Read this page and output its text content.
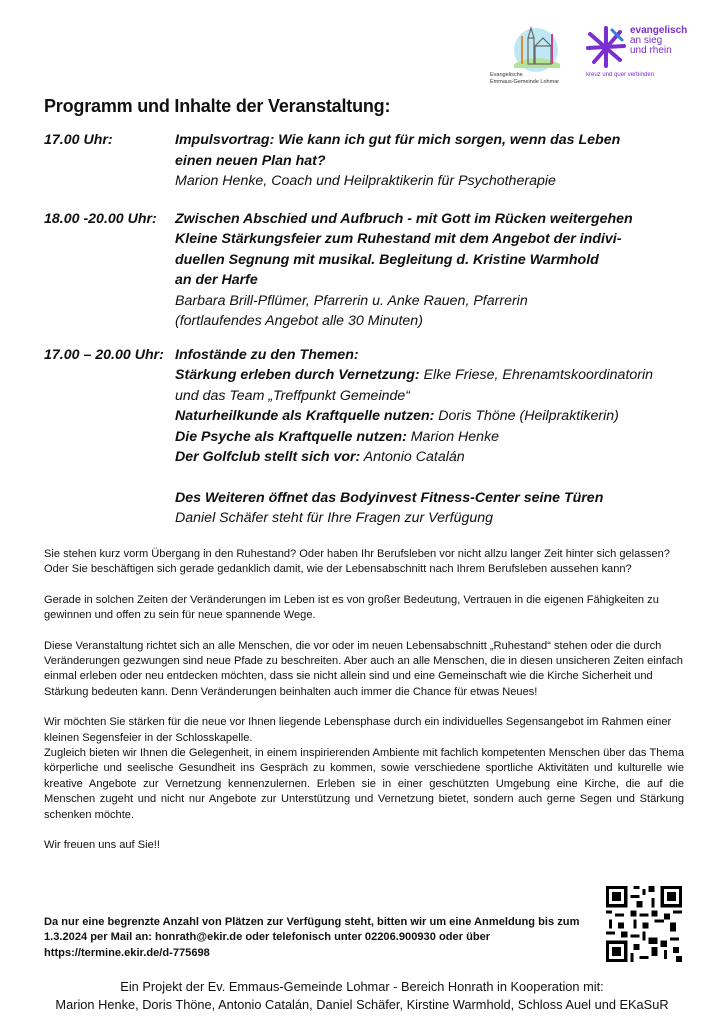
Evangelische
Emmaus-Gemeinde Lohmar
evangelisch
an sieg
und rhein
kreuz und quer verbinden
Programm und Inhalte der Veranstaltung:
17.00 Uhr:	Impulsvortrag: Wie kann ich gut für mich sorgen, wenn das Leben
einen neuen Plan hat?
Marion Henke, Coach und Heilpraktikerin für Psychotherapie
18.00 -20.00 Uhr:	Zwischen Abschied und Aufbruch - mit Gott im Rücken weitergehen
Kleine Stärkungsfeier zum Ruhestand mit dem Angebot der indivi-
duellen Segnung mit musikal. Begleitung d. Kristine Warmhold
an der Harfe
Barbara Brill-Pflümer, Pfarrerin u. Anke Rauen, Pfarrerin
(fortlaufendes Angebot alle 30 Minuten)
17.00 – 20.00 Uhr: Infostände zu den Themen:
Stärkung erleben durch Vernetzung: Elke Friese, Ehrenamtskoordinatorin
und das Team „Treffpunkt Gemeinde“
Naturheilkunde als Kraftquelle nutzen: Doris Thöne (Heilpraktikerin)
Die Psyche als Kraftquelle nutzen: Marion Henke
Der Golfclub stellt sich vor: Antonio Catalán
Des Weiteren öffnet das Bodyinvest Fitness-Center seine Türen
Daniel Schäfer steht für Ihre Fragen zur Verfügung

Sie stehen kurz vorm Übergang in den Ruhestand? Oder haben Ihr Berufsleben vor nicht allzu langer Zeit hinter sich gelassen? Oder Sie beschäftigen sich gerade gedanklich damit, wie der Lebensabschnitt nach Ihrem Berufsleben aussehen kann?

Gerade in solchen Zeiten der Veränderungen im Leben ist es von großer Bedeutung, Vertrauen in die eigenen Fähigkeiten zu gewinnen und offen zu sein für neue spannende Wege.

Diese Veranstaltung richtet sich an alle Menschen, die vor oder im neuen Lebensabschnitt „Ruhestand“ stehen oder die durch Veränderungen gezwungen sind neue Pfade zu beschreiten. Aber auch an alle Menschen, die in diesen unsicheren Zeiten einfach einmal erleben oder neu entdecken möchten, dass sie nicht allein sind und eine Gemeinschaft wie die Kirche Sicherheit und Stärkung bedeuten kann. Denn Veränderungen beinhalten auch immer die Chance für etwas Neues!

Wir möchten Sie stärken für die neue vor Ihnen liegende Lebensphase durch ein individuelles Segensangebot im Rahmen einer kleinen Segensfeier in der Schlosskapelle.

Zugleich bieten wir Ihnen die Gelegenheit, in einem inspirierenden Ambiente mit fachlich kompetenten Menschen über das Thema körperliche und seelische Gesundheit ins Gespräch zu kommen, sowie verschiedene sportliche Aktivitäten und kulturelle wie kreative Angebote zur Vernetzung kennenzulernen. Erleben sie in einer geschützten Umgebung eine Kirche, die auf die Menschen zugeht und nicht nur Angebote zur Unterstützung und Vernetzung bietet, sondern auch gerne Segen und Stärkung schenken möchte.

Wir freuen uns auf Sie!!

Da nur eine begrenzte Anzahl von Plätzen zur Verfügung steht, bitten wir um eine Anmeldung bis zum 1.3.2024 per Mail an: honrath@ekir.de oder telefonisch unter 02206.900930 oder über https://termine.ekir.de/d-775698
Ein Projekt der Ev. Emmaus-Gemeinde Lohmar - Bereich Honrath in Kooperation mit:
Marion Henke, Doris Thöne, Antonio Catalán, Daniel Schäfer, Kirstine Warmhold, Schloss Auel und EKaSuR
